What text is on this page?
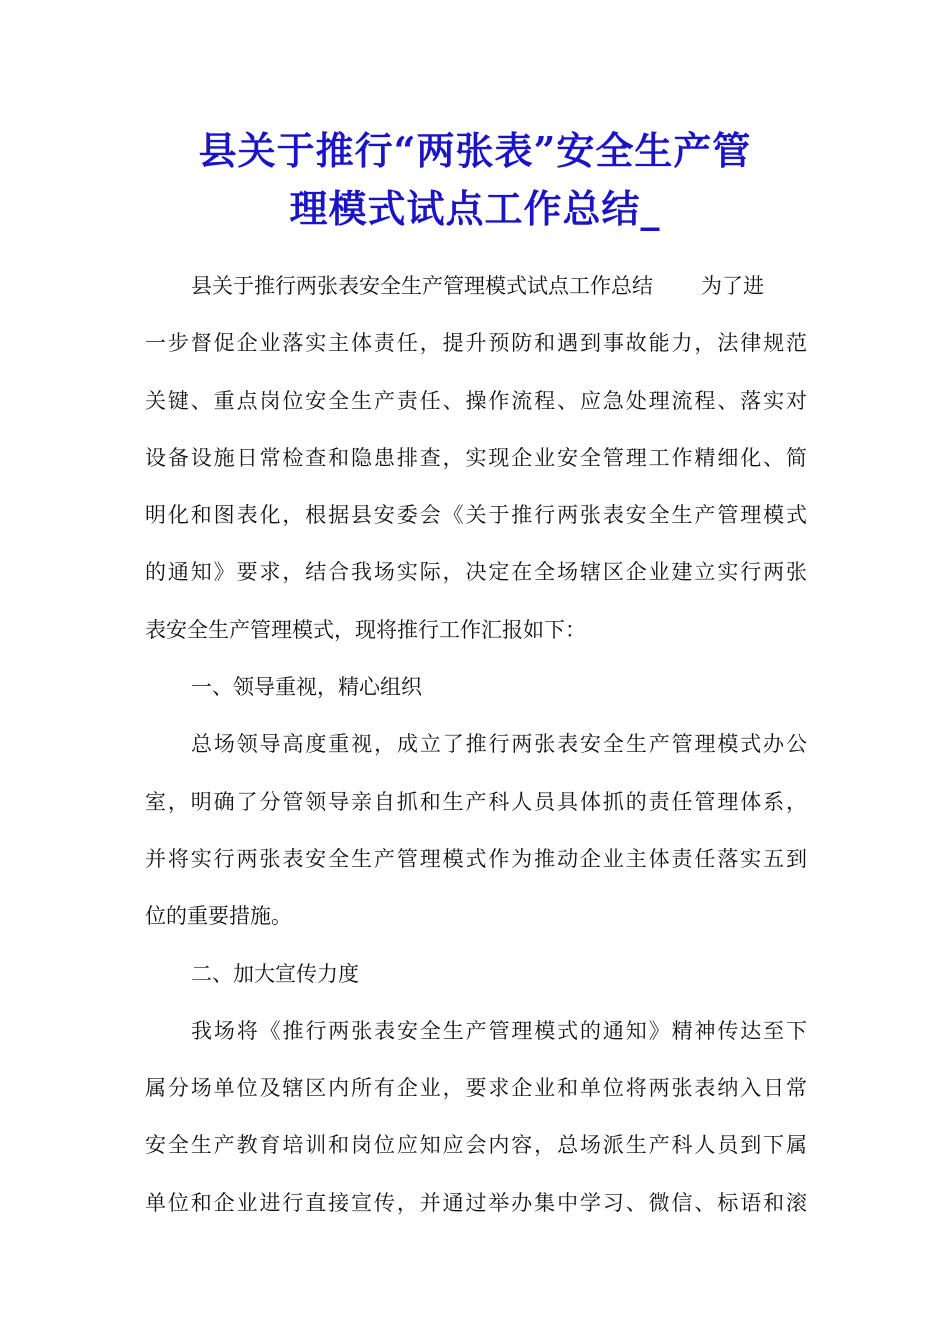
县关于推行“两张表”安全生产管
理模式试点工作总结_
县关于推行两张表安全生产管理模式试点工作总结 为了进
一步督促企业落实主体责任，提升预防和遇到事故能力，法律规范
关键、重点岗位安全生产责任、操作流程、应急处理流程、落实对
设备设施日常检查和隐患排查，实现企业安全管理工作精细化、简
明化和图表化，根据县安委会《关于推行两张表安全生产管理模式
的通知》要求，结合我场实际，决定在全场辖区企业建立实行两张
表安全生产管理模式，现将推行工作汇报如下：
一、领导重视，精心组织
总场领导高度重视，成立了推行两张表安全生产管理模式办公
室，明确了分管领导亲自抓和生产科人员具体抓的责任管理体系，
并将实行两张表安全生产管理模式作为推动企业主体责任落实五到
位的重要措施。
二、加大宣传力度
我场将《推行两张表安全生产管理模式的通知》精神传达至下
属分场单位及辖区内所有企业，要求企业和单位将两张表纳入日常
安全生产教育培训和岗位应知应会内容，总场派生产科人员到下属
单位和企业进行直接宣传，并通过举办集中学习、微信、标语和滚
